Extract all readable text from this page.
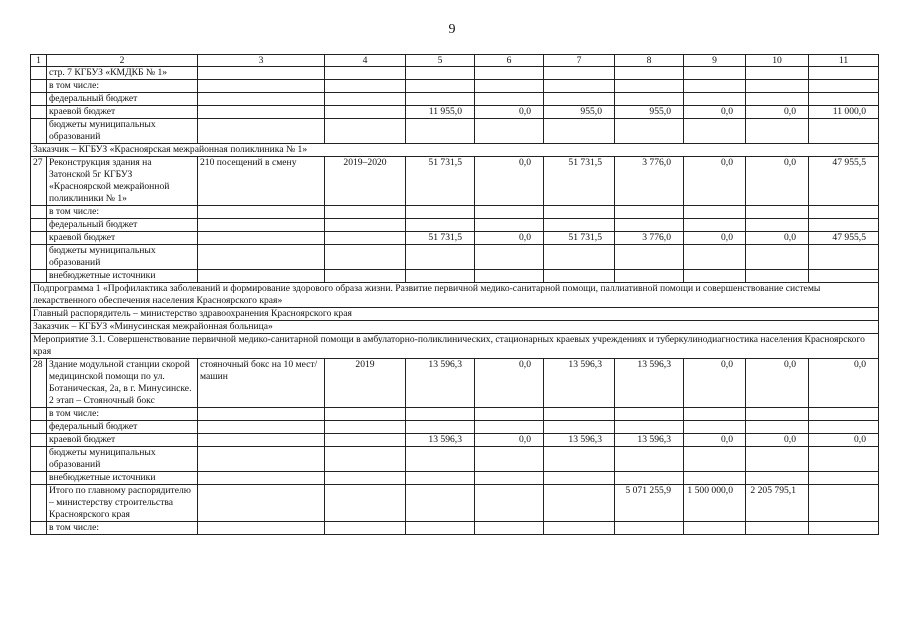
9
1	2	3	4	5	6	7	8	9	10	11
	стр. 7 КГБУЗ «КМДКБ № 1»									
	в том числе:									
	федеральный бюджет									
	краевой бюджет			11 955,0	0,0	955,0	955,0	0,0	0,0	11 000,0
	бюджеты муниципальных образований									
Заказчик – КГБУЗ «Красноярская межрайонная поликлиника № 1»										
27	Реконструкция здания на Затонской 5г КГБУЗ «Красноярской межрайонной поликлиники № 1»	210 посещений в смену	2019–2020	51 731,5	0,0	51 731,5	3 776,0	0,0	0,0	47 955,5
	в том числе:									
	федеральный бюджет									
	краевой бюджет			51 731,5	0,0	51 731,5	3 776,0	0,0	0,0	47 955,5
	бюджеты муниципальных образований									
	внебюджетные источники									
Подпрограмма 1 «Профилактика заболеваний и формирование здорового образа жизни. Развитие первичной медико-санитарной помощи, паллиативной помощи и совершенствование системы лекарственного обеспечения населения Красноярского края»										
Главный распорядитель – министерство здравоохранения Красноярского края										
Заказчик – КГБУЗ «Минусинская межрайонная больница»										
Мероприятие 3.1. Совершенствование первичной медико-санитарной помощи в амбулаторно-поликлинических, стационарных краевых учреждениях и туберкулинодиагностика населения Красноярского края										
28	Здание модульной станции скорой медицинской помощи по ул. Ботаническая, 2а, в г. Минусинске. 2 этап – Стояночный бокс	стояночный бокс на 10 мест/машин	2019	13 596,3	0,0	13 596,3	13 596,3	0,0	0,0	0,0
	в том числе:									
	федеральный бюджет									
	краевой бюджет			13 596,3	0,0	13 596,3	13 596,3	0,0	0,0	0,0
	бюджеты муниципальных образований									
	внебюджетные источники									
	Итого по главному распорядителю – министерству строительства Красноярского края						5 071 255,9	1 500 000,0	2 205 795,1	
	в том числе:									
